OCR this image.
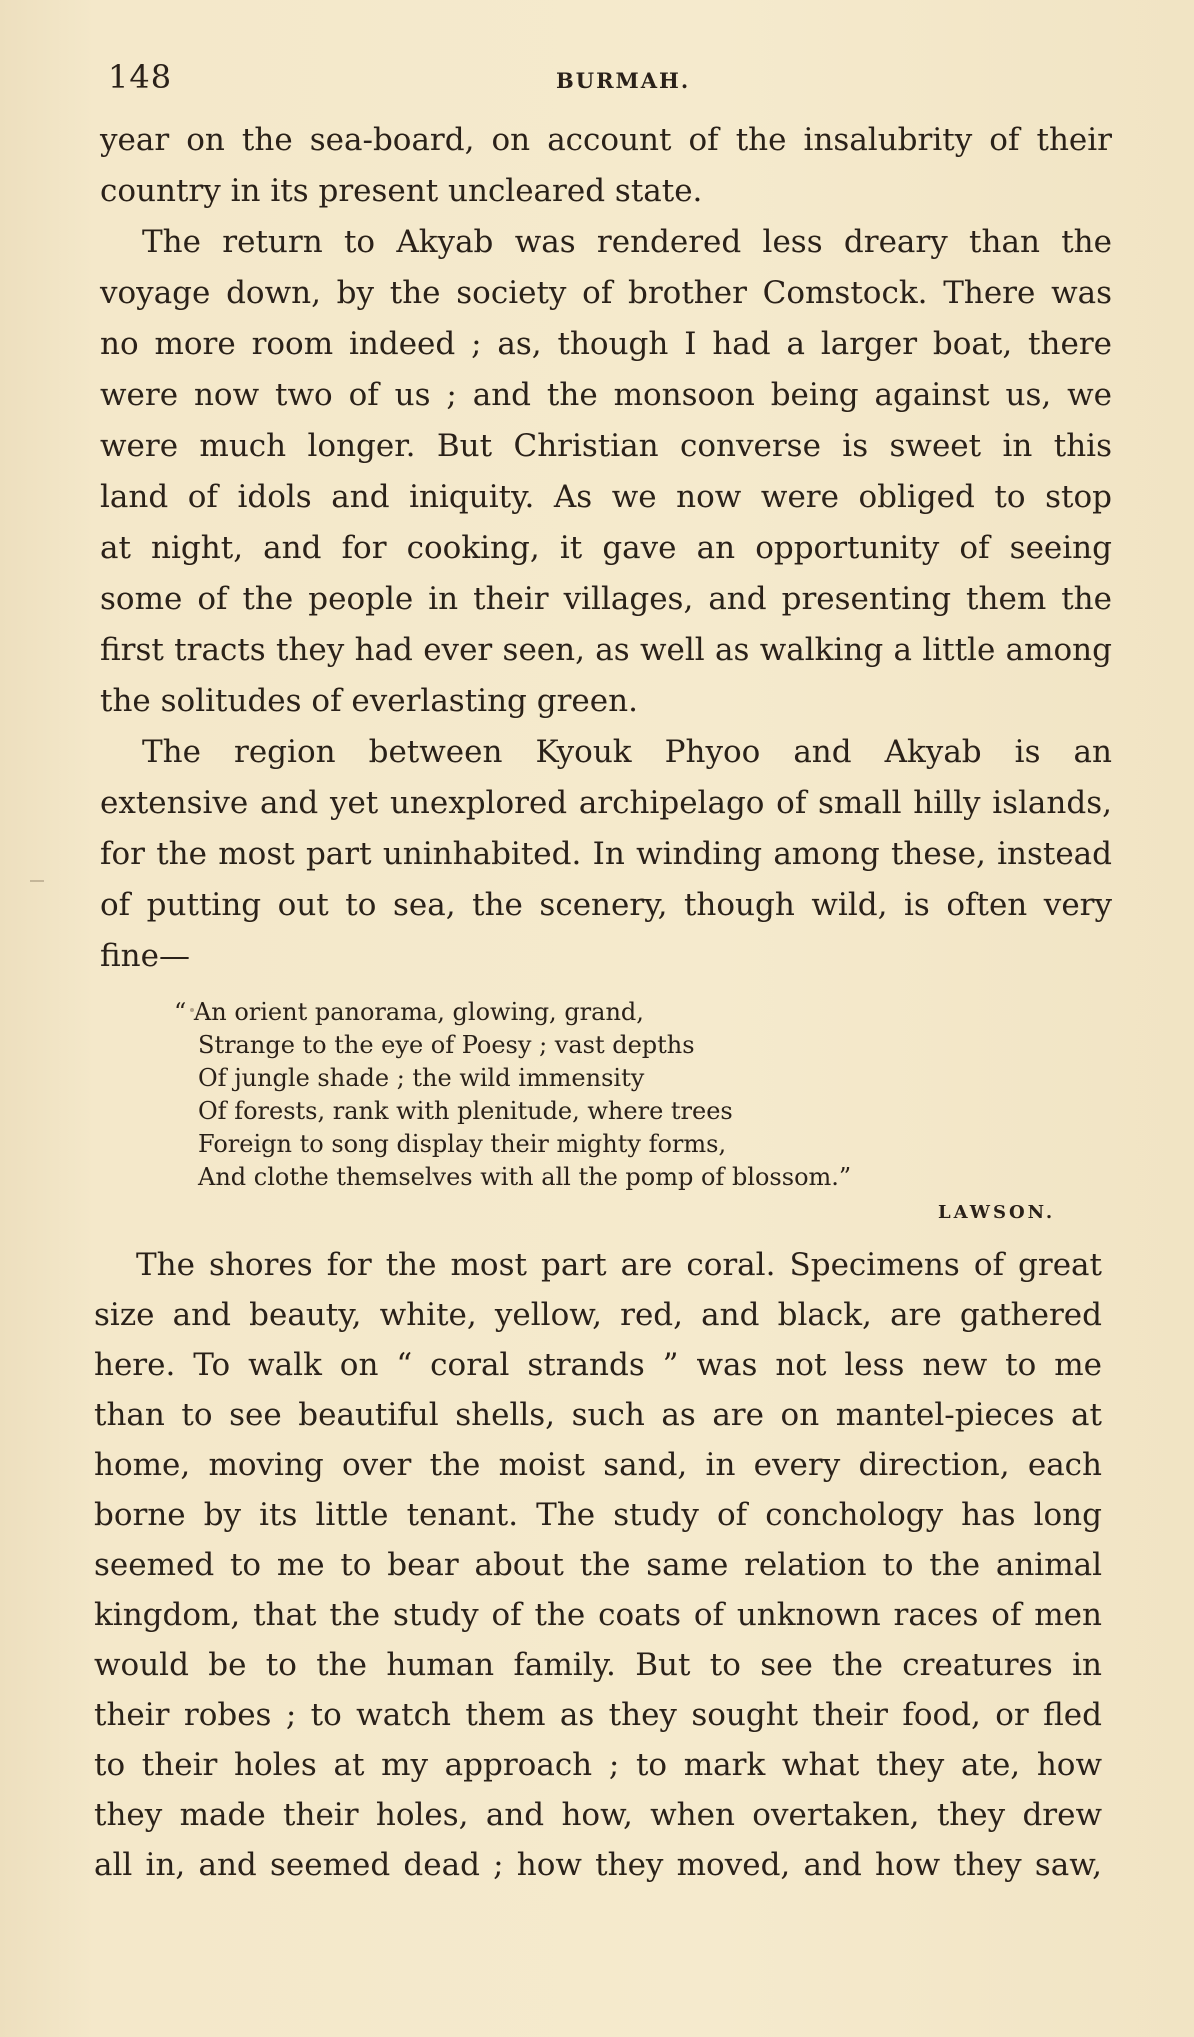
148	BURMAH.
year on the sea-board, on account of the insalubrity of their
country in its present uncleared state.
The return to Akyab was rendered less dreary than the
voyage down, by the society of brother Comstock. There was
no more room indeed ; as, though I had a larger boat, there
were now two of us ; and the monsoon being against us, we
were much longer. But Christian converse is sweet in this
land of idols and iniquity. As we now were obliged to stop
at night, and for cooking, it gave an opportunity of seeing
some of the people in their villages, and presenting them the
first tracts they had ever seen, as well as walking a little among
the solitudes of everlasting green.
The region between Kyouk Phyoo and Akyab is an
extensive and yet unexplored archipelago of small hilly islands,
for the most part uninhabited. In winding among these, instead
of putting out to sea, the scenery, though wild, is often very
fine—
“ An orient panorama, glowing, grand,
Strange to the eye of Poesy ; vast depths
Of jungle shade ; the wild immensity
Of forests, rank with plenitude, where trees
Foreign to song display their mighty forms,
And clothe themselves with all the pomp of blossom.”
LAWSON.
The shores for the most part are coral. Specimens of great
size and beauty, white, yellow, red, and black, are gathered
here. To walk on “ coral strands ” was not less new to me
than to see beautiful shells, such as are on mantel-pieces at
home, moving over the moist sand, in every direction, each
borne by its little tenant. The study of conchology has long
seemed to me to bear about the same relation to the animal
kingdom, that the study of the coats of unknown races of men
would be to the human family. But to see the creatures in
their robes ; to watch them as they sought their food, or fled
to their holes at my approach ; to mark what they ate, how
they made their holes, and how, when overtaken, they drew
all in, and seemed dead ; how they moved, and how they saw,
